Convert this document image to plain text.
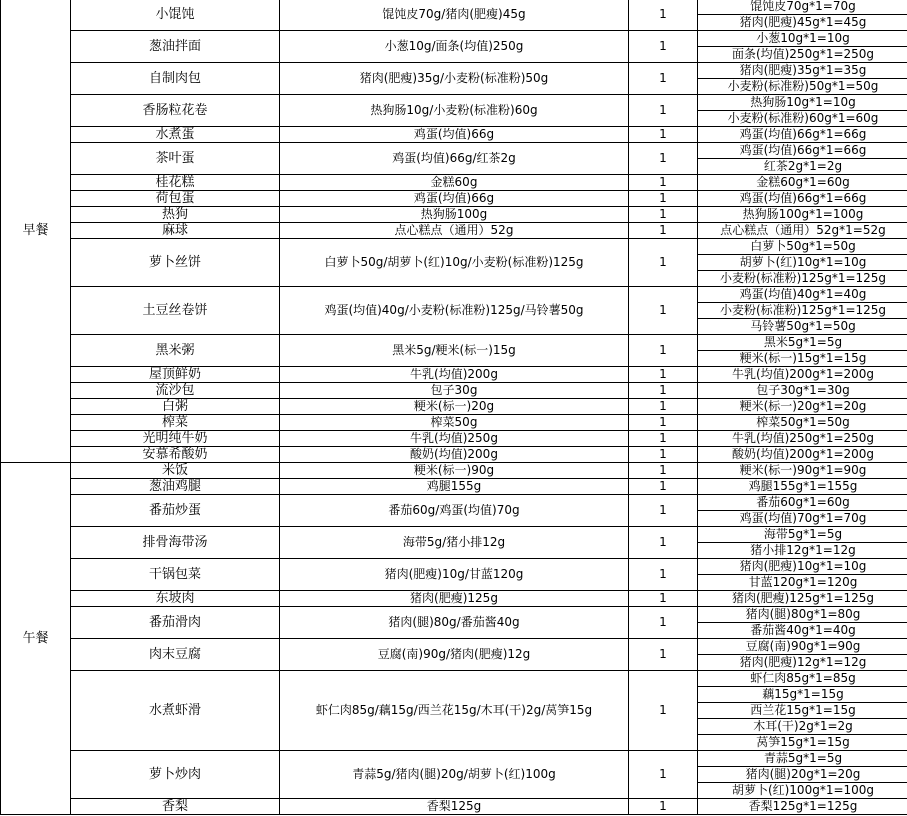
早餐	小馄饨	馄饨皮70g/猪肉(肥瘦)45g	1	馄饨皮70g*1=70g
				猪肉(肥瘦)45g*1=45g
	葱油拌面	小葱10g/面条(均值)250g	1	小葱10g*1=10g
				面条(均值)250g*1=250g
	自制肉包	猪肉(肥瘦)35g/小麦粉(标准粉)50g	1	猪肉(肥瘦)35g*1=35g
				小麦粉(标准粉)50g*1=50g
	香肠粒花卷	热狗肠10g/小麦粉(标准粉)60g	1	热狗肠10g*1=10g
				小麦粉(标准粉)60g*1=60g
	水煮蛋	鸡蛋(均值)66g	1	鸡蛋(均值)66g*1=66g
	茶叶蛋	鸡蛋(均值)66g/红茶2g	1	鸡蛋(均值)66g*1=66g
				红茶2g*1=2g
	桂花糕	金糕60g	1	金糕60g*1=60g
	荷包蛋	鸡蛋(均值)66g	1	鸡蛋(均值)66g*1=66g
	热狗	热狗肠100g	1	热狗肠100g*1=100g
	麻球	点心糕点（通用）52g	1	点心糕点（通用）52g*1=52g
	萝卜丝饼	白萝卜50g/胡萝卜(红)10g/小麦粉(标准粉)125g	1	白萝卜50g*1=50g
				胡萝卜(红)10g*1=10g
				小麦粉(标准粉)125g*1=125g
	土豆丝卷饼	鸡蛋(均值)40g/小麦粉(标准粉)125g/马铃薯50g	1	鸡蛋(均值)40g*1=40g
				小麦粉(标准粉)125g*1=125g
				马铃薯50g*1=50g
	黑米粥	黑米5g/粳米(标一)15g	1	黑米5g*1=5g
				粳米(标一)15g*1=15g
	屋顶鲜奶	牛乳(均值)200g	1	牛乳(均值)200g*1=200g
	流沙包	包子30g	1	包子30g*1=30g
	白粥	粳米(标一)20g	1	粳米(标一)20g*1=20g
	榨菜	榨菜50g	1	榨菜50g*1=50g
	光明纯牛奶	牛乳(均值)250g	1	牛乳(均值)250g*1=250g
	安慕希酸奶	酸奶(均值)200g	1	酸奶(均值)200g*1=200g
午餐	米饭	粳米(标一)90g	1	粳米(标一)90g*1=90g
	葱油鸡腿	鸡腿155g	1	鸡腿155g*1=155g
	番茄炒蛋	番茄60g/鸡蛋(均值)70g	1	番茄60g*1=60g
				鸡蛋(均值)70g*1=70g
	排骨海带汤	海带5g/猪小排12g	1	海带5g*1=5g
				猪小排12g*1=12g
	干锅包菜	猪肉(肥瘦)10g/甘蓝120g	1	猪肉(肥瘦)10g*1=10g
				甘蓝120g*1=120g
	东坡肉	猪肉(肥瘦)125g	1	猪肉(肥瘦)125g*1=125g
	番茄滑肉	猪肉(腿)80g/番茄酱40g	1	猪肉(腿)80g*1=80g
				番茄酱40g*1=40g
	肉末豆腐	豆腐(南)90g/猪肉(肥瘦)12g	1	豆腐(南)90g*1=90g
				猪肉(肥瘦)12g*1=12g
	水煮虾滑	虾仁肉85g/藕15g/西兰花15g/木耳(干)2g/莴笋15g	1	虾仁肉85g*1=85g
				藕15g*1=15g
				西兰花15g*1=15g
				木耳(干)2g*1=2g
				莴笋15g*1=15g
	萝卜炒肉	青蒜5g/猪肉(腿)20g/胡萝卜(红)100g	1	青蒜5g*1=5g
				猪肉(腿)20g*1=20g
				胡萝卜(红)100g*1=100g
	香梨	香梨125g	1	香梨125g*1=125g
